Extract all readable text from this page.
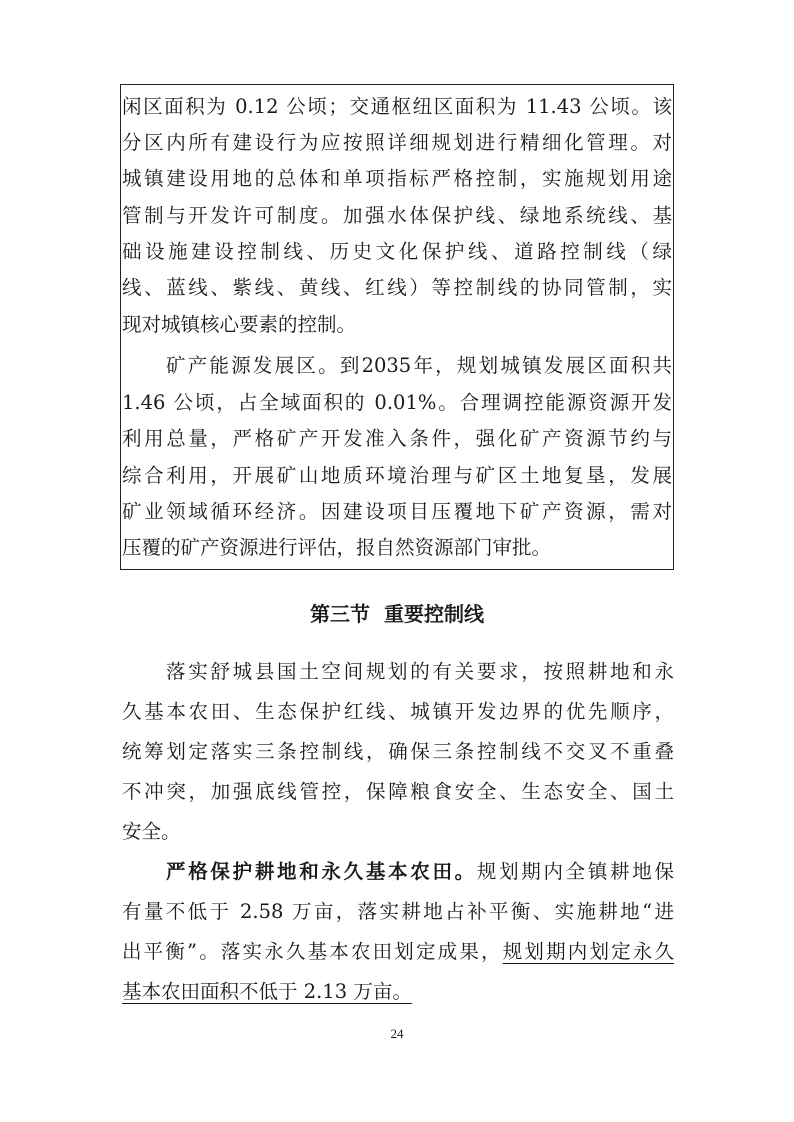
闲区面积为 0.12 公顷；交通枢纽区面积为 11.43 公顷。该
分区内所有建设行为应按照详细规划进行精细化管理。对
城镇建设用地的总体和单项指标严格控制，实施规划用途
管制与开发许可制度。加强水体保护线、绿地系统线、基
础设施建设控制线、历史文化保护线、道路控制线（绿
线、蓝线、紫线、黄线、红线）等控制线的协同管制，实
现对城镇核心要素的控制。
矿产能源发展区。到2035年，规划城镇发展区面积共
1.46 公顷，占全域面积的 0.01%。合理调控能源资源开发
利用总量，严格矿产开发准入条件，强化矿产资源节约与
综合利用，开展矿山地质环境治理与矿区土地复垦，发展
矿业领域循环经济。因建设项目压覆地下矿产资源，需对
压覆的矿产资源进行评估，报自然资源部门审批。
第三节  重要控制线
落实舒城县国土空间规划的有关要求，按照耕地和永
久基本农田、生态保护红线、城镇开发边界的优先顺序，
统筹划定落实三条控制线，确保三条控制线不交叉不重叠
不冲突，加强底线管控，保障粮食安全、生态安全、国土
安全。
严格保护耕地和永久基本农田。规划期内全镇耕地保
有量不低于 2.58 万亩，落实耕地占补平衡、实施耕地“进
出平衡”。落实永久基本农田划定成果，规划期内划定永久
基本农田面积不低于 2.13 万亩。
24
